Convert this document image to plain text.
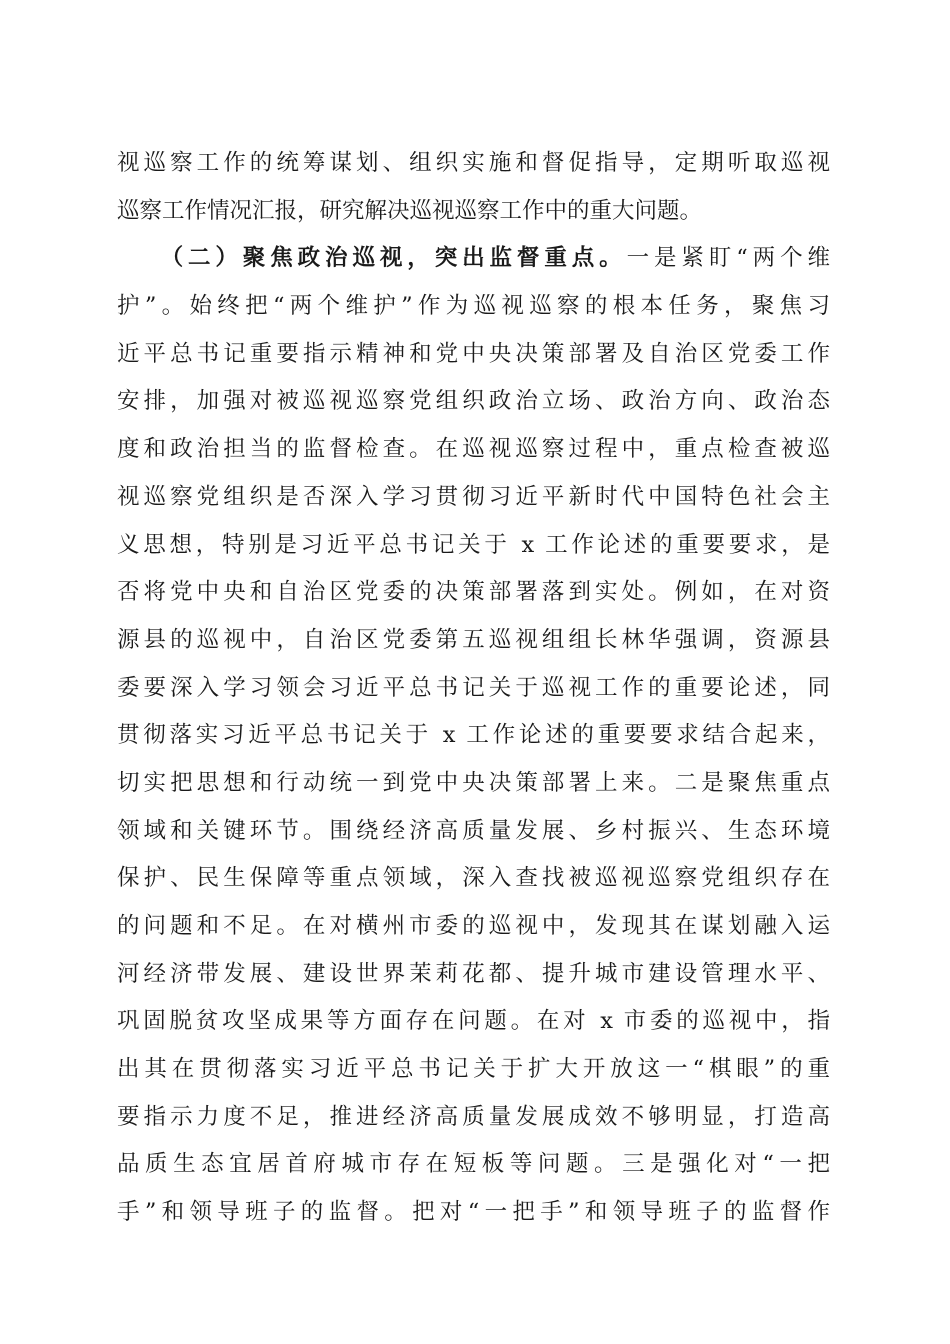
视巡察工作的统筹谋划、组织实施和督促指导，定期听取巡视
巡察工作情况汇报，研究解决巡视巡察工作中的重大问题。
　　（二）聚焦政治巡视，突出监督重点。一是紧盯“两个维
护”。始终把“两个维护”作为巡视巡察的根本任务，聚焦习
近平总书记重要指示精神和党中央决策部署及自治区党委工作
安排，加强对被巡视巡察党组织政治立场、政治方向、政治态
度和政治担当的监督检查。在巡视巡察过程中，重点检查被巡
视巡察党组织是否深入学习贯彻习近平新时代中国特色社会主
义思想，特别是习近平总书记关于 x 工作论述的重要要求，是
否将党中央和自治区党委的决策部署落到实处。例如，在对资
源县的巡视中，自治区党委第五巡视组组长林华强调，资源县
委要深入学习领会习近平总书记关于巡视工作的重要论述，同
贯彻落实习近平总书记关于 x 工作论述的重要要求结合起来，
切实把思想和行动统一到党中央决策部署上来。二是聚焦重点
领域和关键环节。围绕经济高质量发展、乡村振兴、生态环境
保护、民生保障等重点领域，深入查找被巡视巡察党组织存在
的问题和不足。在对横州市委的巡视中，发现其在谋划融入运
河经济带发展、建设世界茉莉花都、提升城市建设管理水平、
巩固脱贫攻坚成果等方面存在问题。在对 x 市委的巡视中，指
出其在贯彻落实习近平总书记关于扩大开放这一“棋眼”的重
要指示力度不足，推进经济高质量发展成效不够明显，打造高
品质生态宜居首府城市存在短板等问题。三是强化对“一把
手”和领导班子的监督。把对“一把手”和领导班子的监督作
